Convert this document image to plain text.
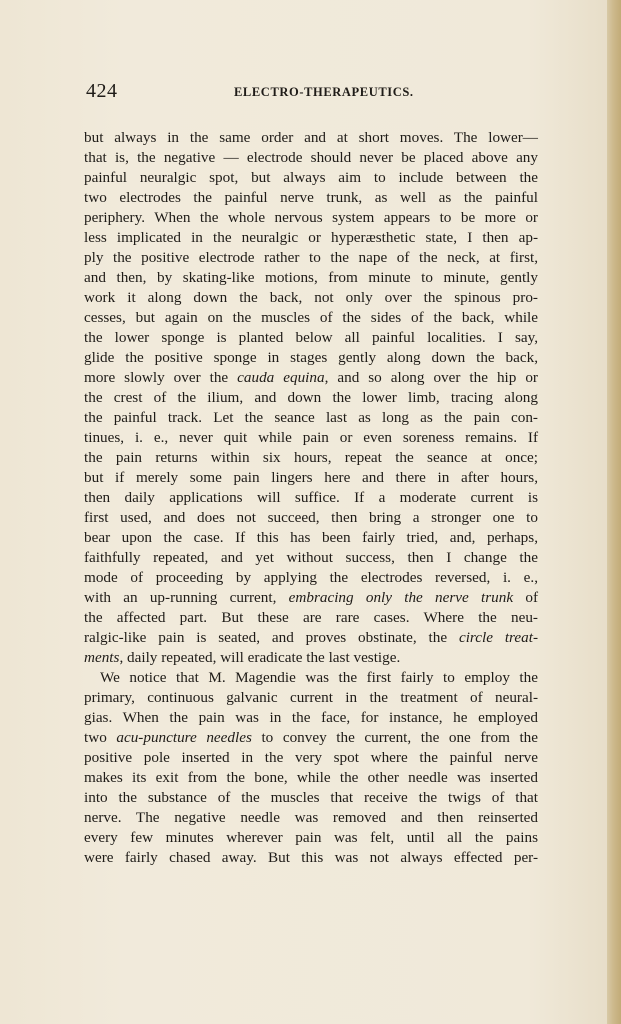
424	ELECTRO-THERAPEUTICS.
but always in the same order and at short moves. The lower—
that is, the negative — electrode should never be placed above any
painful neuralgic spot, but always aim to include between the
two electrodes the painful nerve trunk, as well as the painful
periphery. When the whole nervous system appears to be more or
less implicated in the neuralgic or hyperæsthetic state, I then ap-
ply the positive electrode rather to the nape of the neck, at first,
and then, by skating-like motions, from minute to minute, gently
work it along down the back, not only over the spinous pro-
cesses, but again on the muscles of the sides of the back, while
the lower sponge is planted below all painful localities. I say,
glide the positive sponge in stages gently along down the back,
more slowly over the cauda equina, and so along over the hip or
the crest of the ilium, and down the lower limb, tracing along
the painful track. Let the seance last as long as the pain con-
tinues, i. e., never quit while pain or even soreness remains. If
the pain returns within six hours, repeat the seance at once;
but if merely some pain lingers here and there in after hours,
then daily applications will suffice. If a moderate current is
first used, and does not succeed, then bring a stronger one to
bear upon the case. If this has been fairly tried, and, perhaps,
faithfully repeated, and yet without success, then I change the
mode of proceeding by applying the electrodes reversed, i. e.,
with an up-running current, embracing only the nerve trunk of
the affected part. But these are rare cases. Where the neu-
ralgic-like pain is seated, and proves obstinate, the circle treat-
ments, daily repeated, will eradicate the last vestige.
We notice that M. Magendie was the first fairly to employ the
primary, continuous galvanic current in the treatment of neural-
gias. When the pain was in the face, for instance, he employed
two acu-puncture needles to convey the current, the one from the
positive pole inserted in the very spot where the painful nerve
makes its exit from the bone, while the other needle was inserted
into the substance of the muscles that receive the twigs of that
nerve. The negative needle was removed and then reinserted
every few minutes wherever pain was felt, until all the pains
were fairly chased away. But this was not always effected per-
